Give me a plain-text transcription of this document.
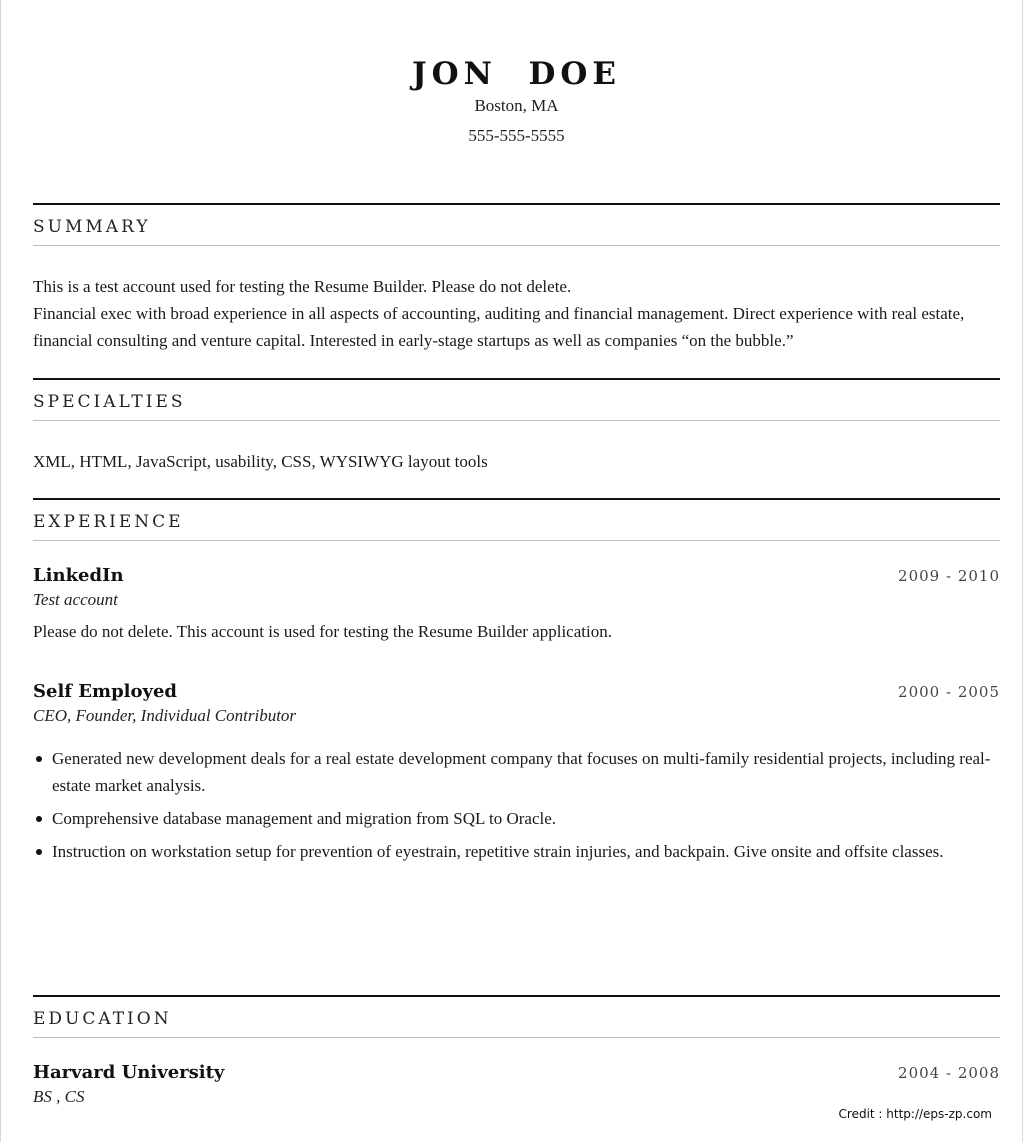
JON  DOE
Boston, MA
555-555-5555
SUMMARY
This is a test account used for testing the Resume Builder. Please do not delete.
Financial exec with broad experience in all aspects of accounting, auditing and financial management. Direct experience with real estate, financial consulting and venture capital. Interested in early-stage startups as well as companies “on the bubble.”
SPECIALTIES
XML, HTML, JavaScript, usability, CSS, WYSIWYG layout tools
EXPERIENCE
LinkedIn	2009 - 2010
Test account
Please do not delete. This account is used for testing the Resume Builder application.
Self Employed	2000 - 2005
CEO, Founder, Individual Contributor
Generated new development deals for a real estate development company that focuses on multi-family residential projects, including real-estate market analysis.
Comprehensive database management and migration from SQL to Oracle.
Instruction on workstation setup for prevention of eyestrain, repetitive strain injuries, and backpain. Give onsite and offsite classes.
EDUCATION
Harvard University	2004 - 2008
BS , CS
Credit : http://eps-zp.com
